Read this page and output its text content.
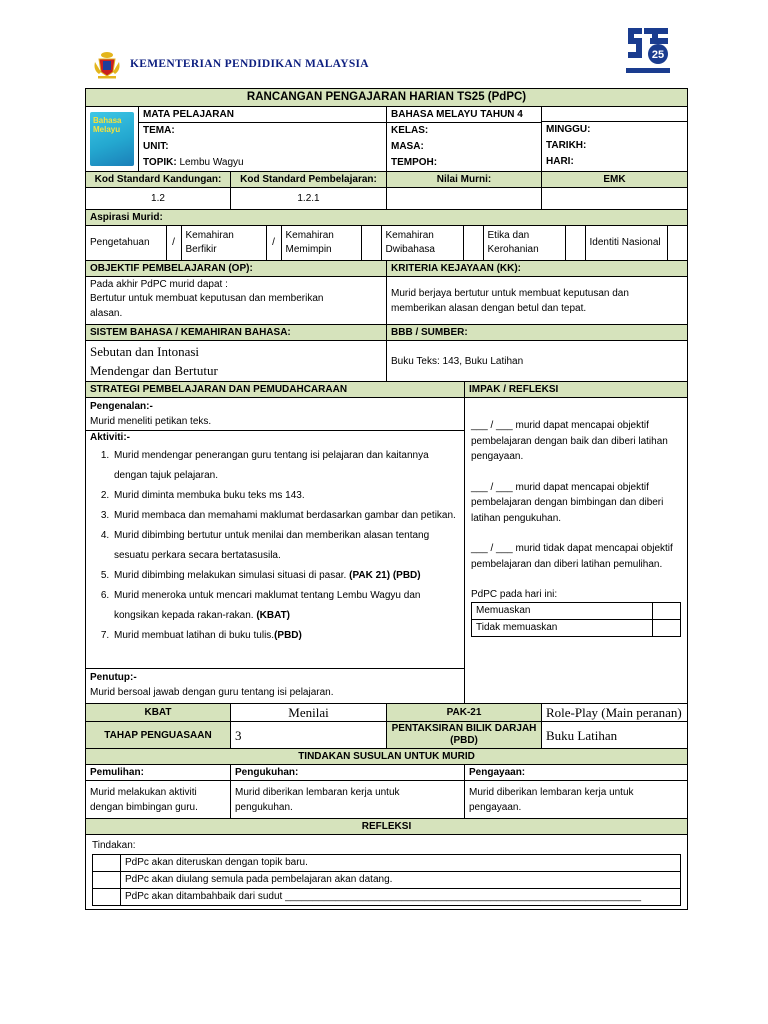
KEMENTERIAN PENDIDIKAN MALAYSIA
25
RANCANGAN PENGAJARAN HARIAN TS25 (PdPC)

Bahasa Melayu

MATA PELAJARAN
TEMA:
UNIT:
TOPIK: Lembu Wagyu

BAHASA MELAYU TAHUN 4
KELAS:
MASA:
TEMPOH:

MINGGU:
TARIKH:
HARI:

Kod Standard Kandungan:	Kod Standard Pembelajaran:	Nilai Murni:	EMK
1.2	1.2.1		
Aspirasi Murid:

Pengetahuan	/	Kemahiran Berfikir	/	Kemahiran Memimpin		Kemahiran Dwibahasa		Etika dan Kerohanian		Identiti Nasional	

OBJEKTIF PEMBELAJARAN (OP):	KRITERIA KEJAYAAN (KK):

Pada akhir PdPC murid dapat :
Bertutur untuk membuat keputusan dan memberikan alasan.
	Murid berjaya bertutur untuk membuat keputusan dan memberikan alasan dengan betul dan tepat.
SISTEM BAHASA / KEMAHIRAN BAHASA:	BBB / SUMBER:

Sebutan dan Intonasi
Mendengar dan Bertutur
	Buku Teks: 143, Buku Latihan
STRATEGI PEMBELAJARAN DAN PEMUDAHCARAAN	IMPAK / REFLEKSI

Pengenalan:-
Murid meneliti petikan teks.
Aktiviti:-
1. Murid mendengar penerangan guru tentang isi pelajaran dan kaitannya dengan tajuk pelajaran.
2. Murid diminta membuka buku teks ms 143.
3. Murid membaca dan memahami maklumat berdasarkan gambar dan petikan.
4. Murid dibimbing bertutur untuk menilai dan memberikan alasan tentang sesuatu perkara secara bertatasusila.
5. Murid dibimbing melakukan simulasi situasi di pasar. (PAK 21) (PBD)
6. Murid meneroka untuk mencari maklumat tentang Lembu Wagyu dan kongsikan kepada rakan-rakan. (KBAT)
7. Murid membuat latihan di buku tulis.(PBD)
Penutup:-
Murid bersoal jawab dengan guru tentang isi pelajaran.

___ / ___ murid dapat mencapai objektif pembelajaran dengan baik dan diberi latihan pengayaan.
___ / ___ murid dapat mencapai objektif pembelajaran dengan bimbingan dan diberi latihan pengukuhan.
___ / ___ murid tidak dapat mencapai objektif pembelajaran dan diberi latihan pemulihan.
PdPC pada hari ini:
Memuaskan	
Tidak memuaskan	

KBAT	Menilai	PAK-21	Role-Play (Main peranan)
TAHAP PENGUASAAN	3	PENTAKSIRAN BILIK DARJAH (PBD)	Buku Latihan
TINDAKAN SUSULAN UNTUK MURID
Pemulihan:	Pengukuhan:	Pengayaan:
Murid melakukan aktiviti dengan bimbingan guru.	Murid diberikan lembaran kerja untuk pengukuhan.	Murid diberikan lembaran kerja untuk pengayaan.
REFLEKSI

Tindakan:
	PdPc akan diteruskan dengan topik baru.
	PdPc akan diulang semula pada pembelajaran akan datang.
	PdPc akan ditambahbaik dari sudut ________________________________________________________________
